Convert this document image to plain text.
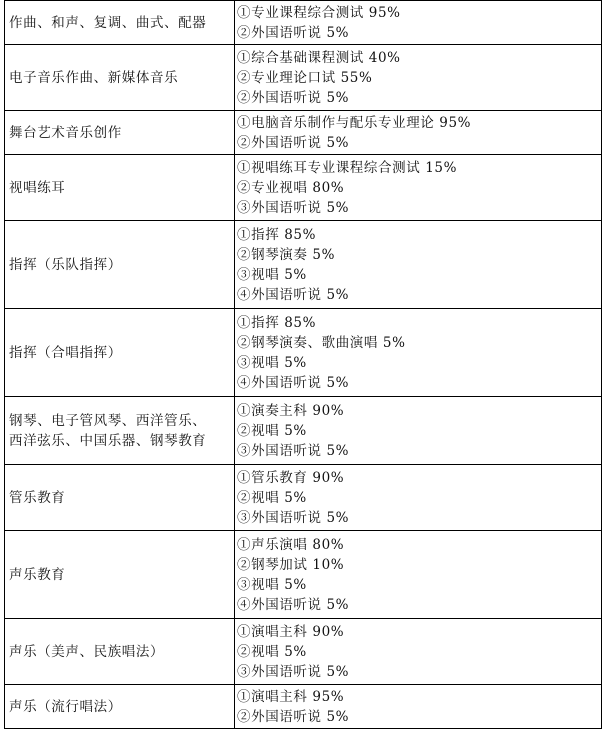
作曲、和声、复调、曲式、配器	①专业课程综合测试 95%
②外国语听说 5%

电子音乐作曲、新媒体音乐	①综合基础课程测试 40%
②专业理论口试 55%
②外国语听说 5%

舞台艺术音乐创作	①电脑音乐制作与配乐专业理论 95%
②外国语听说 5%

视唱练耳	①视唱练耳专业课程综合测试 15%
②专业视唱 80%
③外国语听说 5%

指挥（乐队指挥）	①指挥 85%
②钢琴演奏 5%
③视唱 5%
④外国语听说 5%

指挥（合唱指挥）	①指挥 85%
②钢琴演奏、歌曲演唱 5%
③视唱 5%
④外国语听说 5%

钢琴、电子管风琴、西洋管乐、
西洋弦乐、中国乐器、钢琴教育	①演奏主科 90%
②视唱 5%
③外国语听说 5%

管乐教育	①管乐教育 90%
②视唱 5%
③外国语听说 5%

声乐教育	①声乐演唱 80%
②钢琴加试 10%
③视唱 5%
④外国语听说 5%

声乐（美声、民族唱法）	①演唱主科 90%
②视唱 5%
③外国语听说 5%

声乐（流行唱法）	①演唱主科 95%
②外国语听说 5%
